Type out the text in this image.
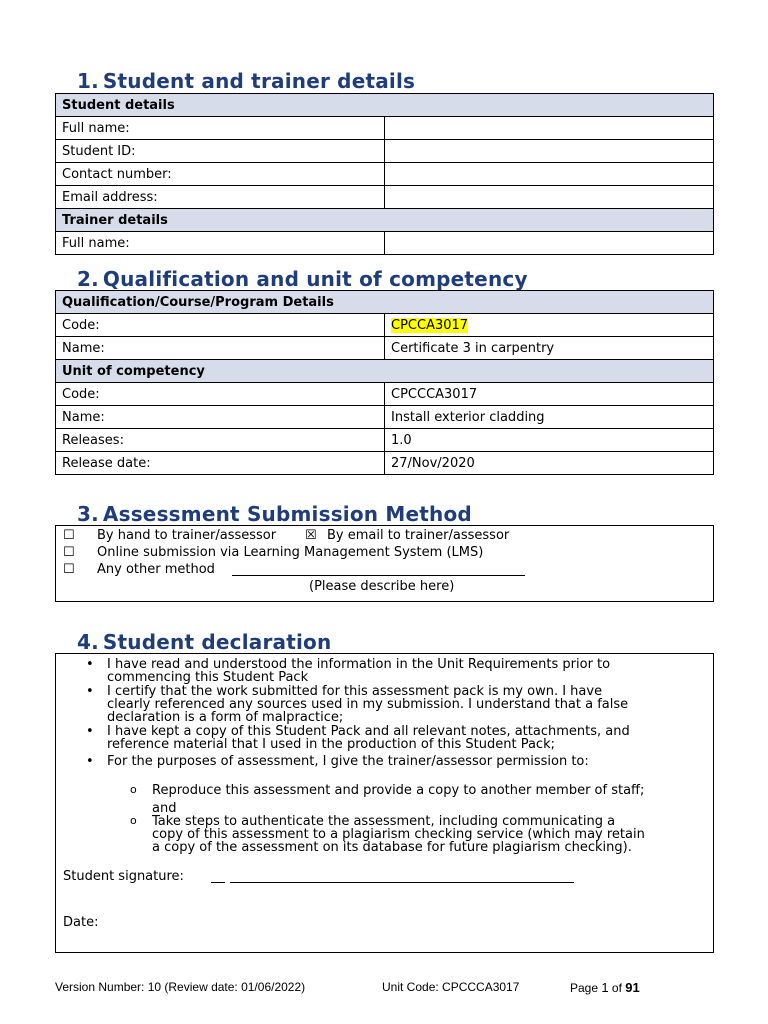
1. Student and trainer details
Student details	
Full name:	
Student ID:	
Contact number:	
Email address:	
Trainer details	
Full name:	
2. Qualification and unit of competency
Qualification/Course/Program Details	
Code:	CPCCA3017
Name:	Certificate 3 in carpentry
Unit of competency	
Code:	CPCCCA3017
Name:	Install exterior cladding
Releases:	1.0
Release date:	27/Nov/2020
3. Assessment Submission Method
☐ By hand to trainer/assessor ☒ By email to trainer/assessor
☐ Online submission via Learning Management System (LMS)
☐ Any other method
(Please describe here)
4. Student declaration
• I have read and understood the information in the Unit Requirements prior to
commencing this Student Pack
• I certify that the work submitted for this assessment pack is my own. I have
clearly referenced any sources used in my submission. I understand that a false
declaration is a form of malpractice;
• I have kept a copy of this Student Pack and all relevant notes, attachments, and
reference material that I used in the production of this Student Pack;
• For the purposes of assessment, I give the trainer/assessor permission to:
o Reproduce this assessment and provide a copy to another member of staff;
and
o Take steps to authenticate the assessment, including communicating a
copy of this assessment to a plagiarism checking service (which may retain
a copy of the assessment on its database for future plagiarism checking).
Student signature:
Date:
Version Number: 10 (Review date: 01/06/2022)	Unit Code: CPCCCA3017	Page 1 of 91
